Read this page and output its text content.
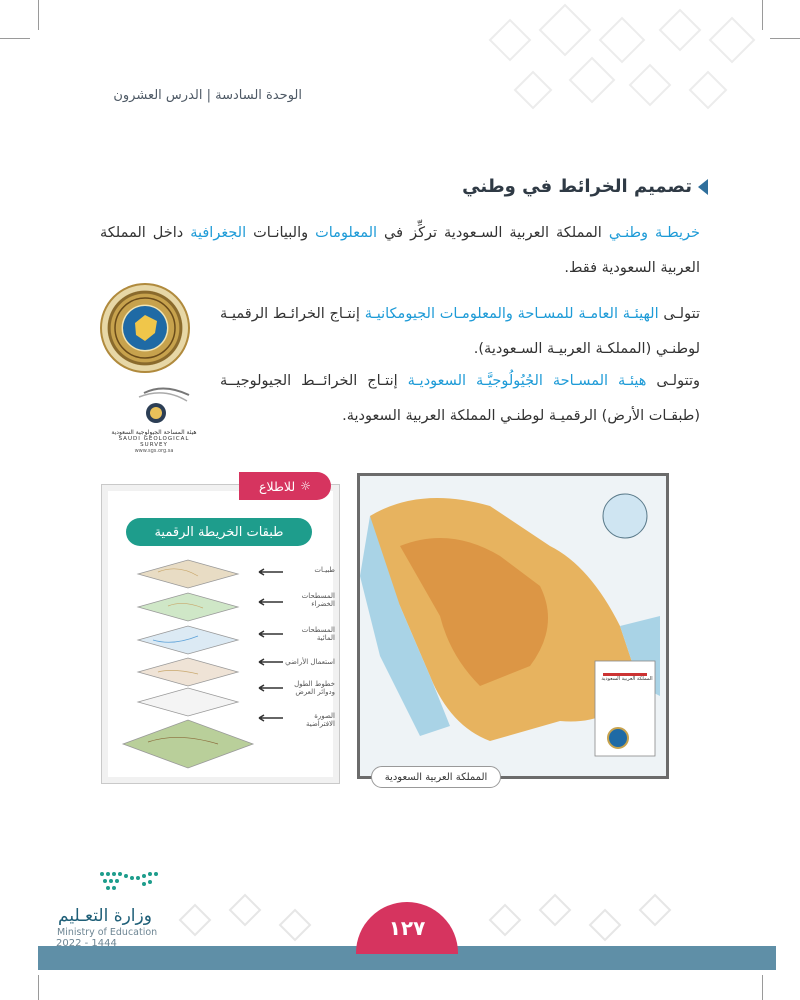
الوحدة السادسة | الدرس العشرون
تصميم الخرائط في وطني
خريطـة وطنـي المملكة العربية السـعودية تركِّز في المعلومات والبيانـات الجغرافية داخل المملكة العربية السعودية فقط.
تتولـى الهيئـة العامـة للمسـاحة والمعلومـات الجيومكانيـة إنتـاج الخرائـط الرقميـة لوطنـي (المملكـة العربيـة السـعودية).
وتتولـى هيئـة المسـاحة الجُيُولُوجيَّـة السعوديـة إنتـاج الخرائــط الجيولوجيــة (طبقـات الأرض) الرقميـة لوطنـي المملكة العربية السعودية.
هيئة المساحة الجيولوجية السعودية
SAUDI GEOLOGICAL SURVEY
www.sgs.org.sa
☼
للاطلاع
طبقات الخريطة الرقمية
طبيـات
المسطحات الخضراء
المسطحات المائية
استعمال الأراضي
خطوط الطول ودوائر العرض
الصورة الافتراضية
المملكة العربية السعودية
المملكة العربية السعودية
١٢٧
وزارة التعـليم
Ministry of Education
2022 - 1444
